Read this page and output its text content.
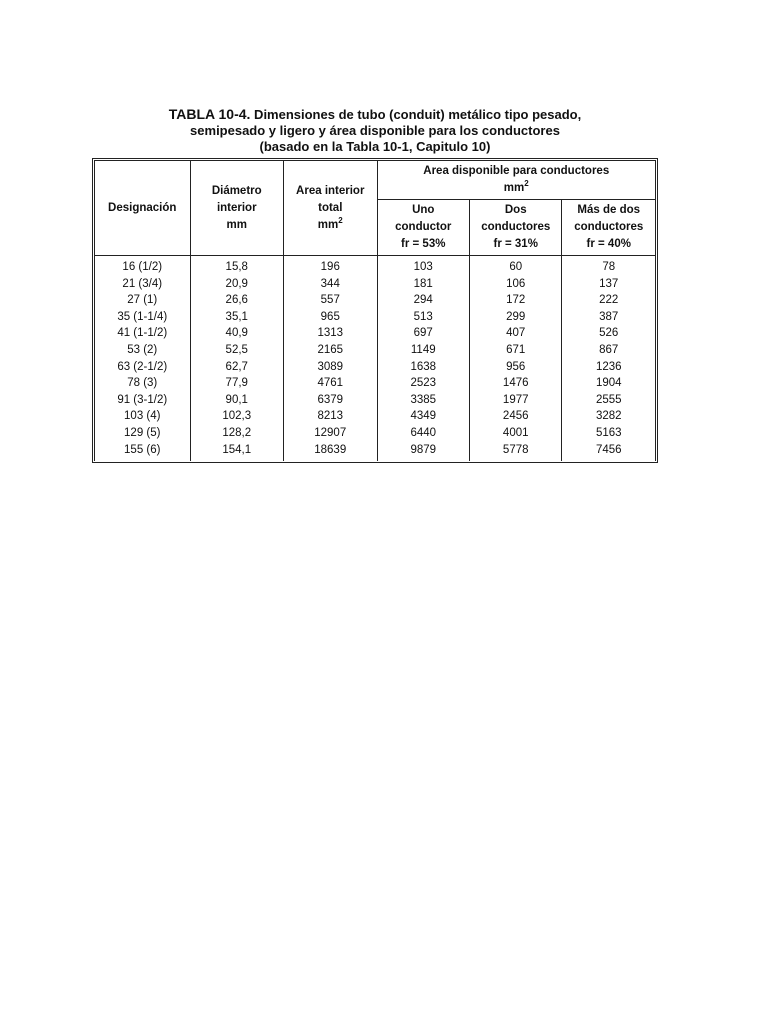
TABLA 10-4. Dimensiones de tubo (conduit) metálico tipo pesado,
semipesado y ligero y área disponible para los conductores
(basado en la Tabla 10-1, Capitulo 10)
Designación	Diámetro
interior
mm	Area interior
total
$mm^2$	Area disponible para conductores
$mm^2$
			Uno
conductor
fr = 53%	Dos
conductores
fr = 31%	Más de dos
conductores
fr = 40%
16 (1/2)	15,8	196	103	60	78
21 (3/4)	20,9	344	181	106	137
27 (1)	26,6	557	294	172	222
35 (1-1/4)	35,1	965	513	299	387
41 (1-1/2)	40,9	1313	697	407	526
53 (2)	52,5	2165	1149	671	867
63 (2-1/2)	62,7	3089	1638	956	1236
78 (3)	77,9	4761	2523	1476	1904
91 (3-1/2)	90,1	6379	3385	1977	2555
103 (4)	102,3	8213	4349	2456	3282
129 (5)	128,2	12907	6440	4001	5163
155 (6)	154,1	18639	9879	5778	7456
